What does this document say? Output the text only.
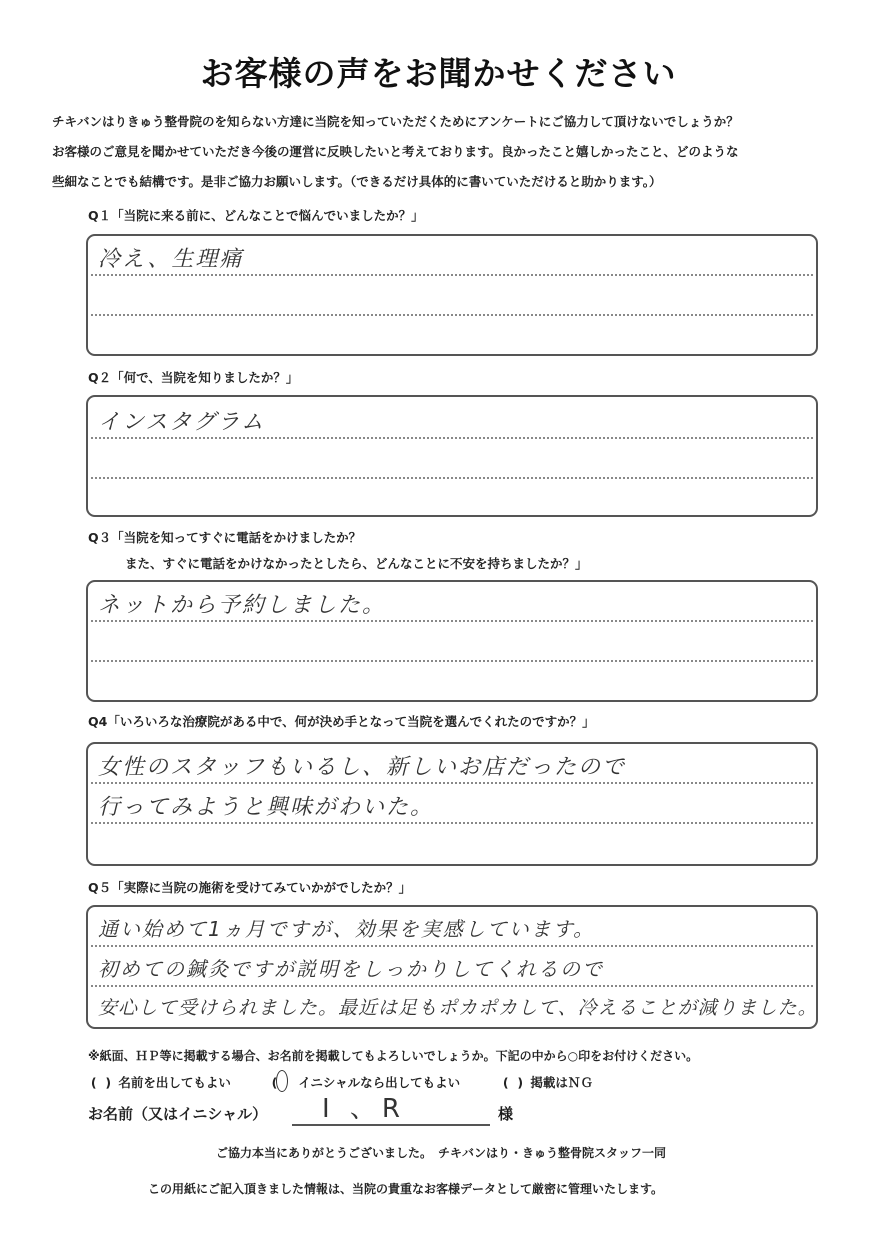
お客様の声をお聞かせください
チキバンはりきゅう整骨院のを知らない方達に当院を知っていただくためにアンケートにご協力して頂けないでしょうか？
お客様のご意見を聞かせていただき今後の運営に反映したいと考えております。良かったこと嬉しかったこと、どのような
些細なことでも結構です。是非ご協力お願いします。（できるだけ具体的に書いていただけると助かります。）
Q１「当院に来る前に、どんなことで悩んでいましたか？」
冷え、生理痛
Q２「何で、当院を知りましたか？」
インスタグラム
Q３「当院を知ってすぐに電話をかけましたか？
また、すぐに電話をかけなかったとしたら、どんなことに不安を持ちましたか？」
ネットから予約しました。
Q4「いろいろな治療院がある中で、何が決め手となって当院を選んでくれたのですか？」
女性のスタッフもいるし、新しいお店だったので
行ってみようと興味がわいた。
Q５「実際に当院の施術を受けてみていかがでしたか？」
通い始めて1ヵ月ですが、効果を実感しています。
初めての鍼灸ですが説明をしっかりしてくれるので
安心して受けられました。最近は足もポカポカして、冷えることが減りました。
※紙面、ＨＰ等に掲載する場合、お名前を掲載してもよろしいでしょうか。下記の中から○印をお付けください。
(  ) 名前を出してもよい	(
イニシャルなら出してもよい	(  ) 掲載はＮＧ
お名前（又はイニシャル） I 、R	様
ご協力本当にありがとうございました。　チキバンはり・きゅう整骨院スタッフ一同
この用紙にご記入頂きました情報は、当院の貴重なお客様データとして厳密に管理いたします。
